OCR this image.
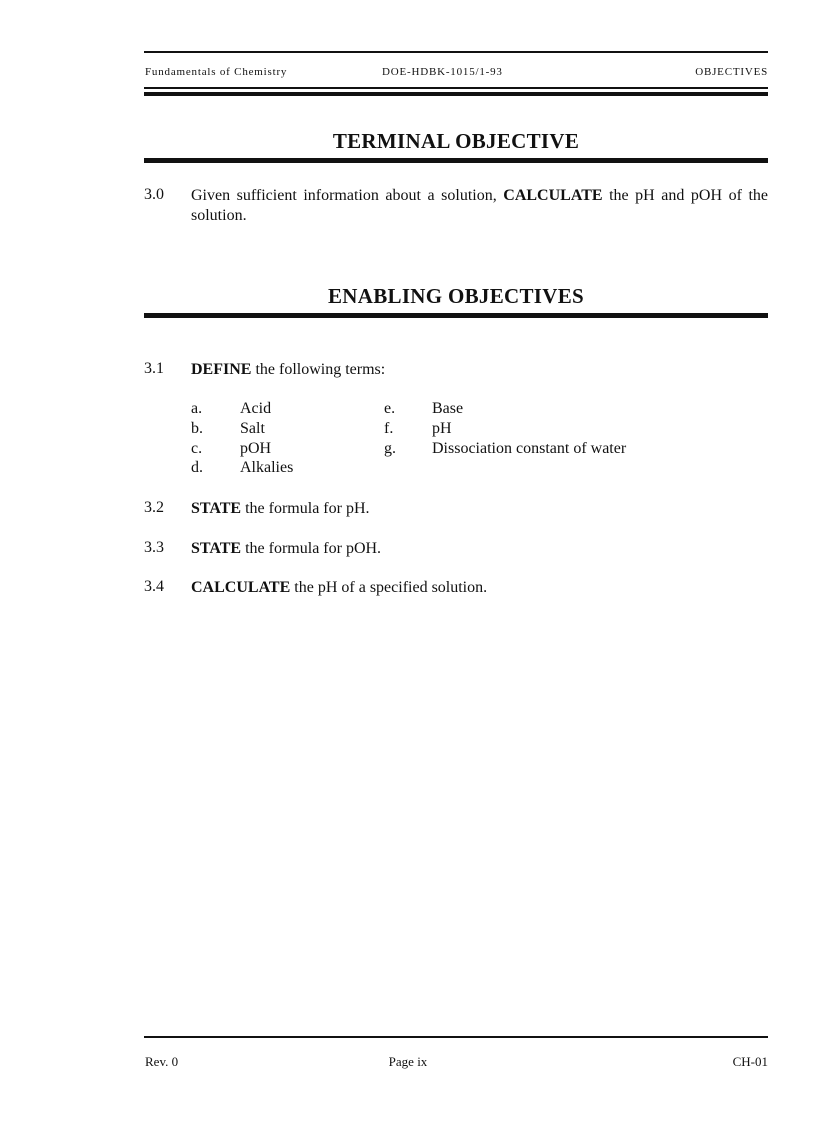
Fundamentals of Chemistry	DOE-HDBK-1015/1-93	OBJECTIVES
TERMINAL OBJECTIVE
3.0 Given sufficient information about a solution, CALCULATE the pH and pOH of the solution.
ENABLING OBJECTIVES
3.1 DEFINE the following terms:
a. Acid
b. Salt
c. pOH
d. Alkalies
e. Base
f. pH
g. Dissociation constant of water
3.2 STATE the formula for pH.
3.3 STATE the formula for pOH.
3.4 CALCULATE the pH of a specified solution.
Rev. 0	Page ix	CH-01
